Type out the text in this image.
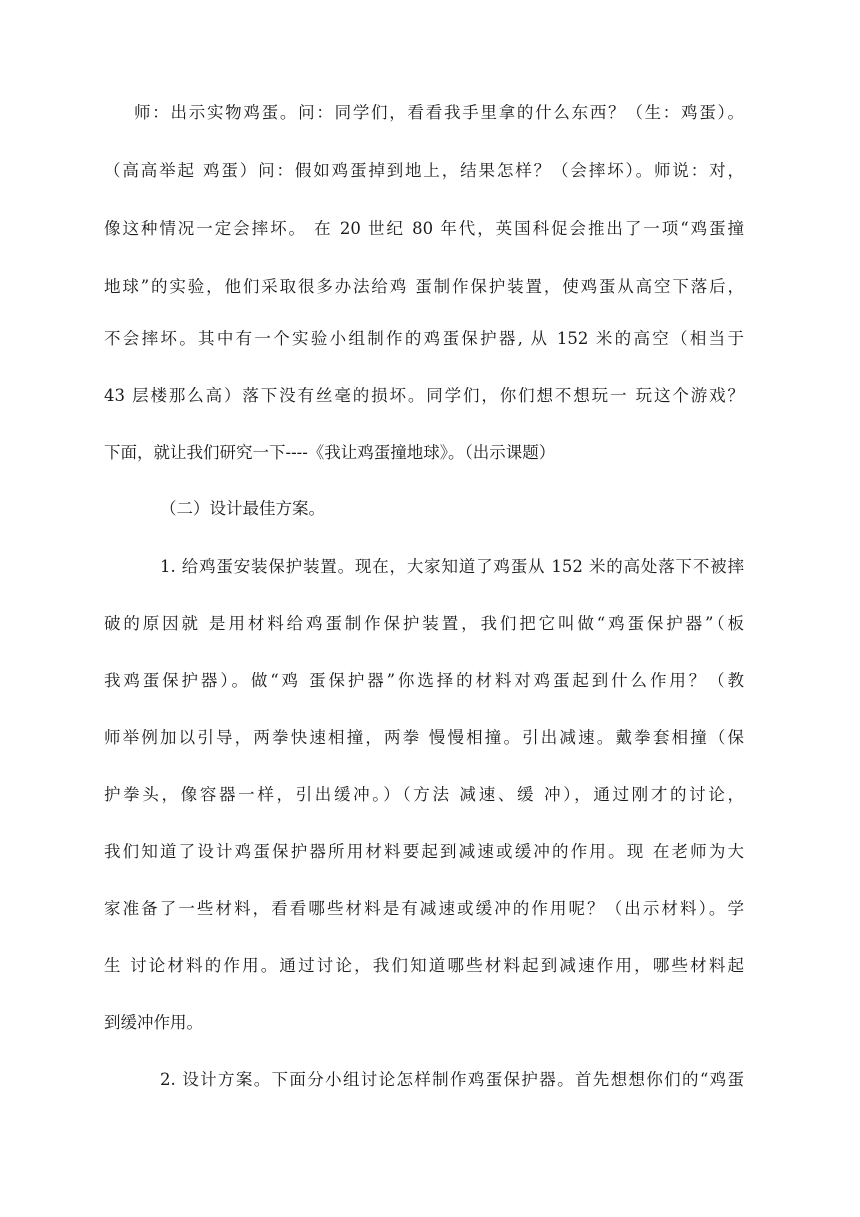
师：出示实物鸡蛋。问：同学们，看看我手里拿的什么东西？（生：鸡蛋）。
（高高举起 鸡蛋）问：假如鸡蛋掉到地上，结果怎样？（会摔坏）。师说：对，
像这种情况一定会摔坏。 在 20 世纪 80 年代，英国科促会推出了一项“鸡蛋撞
地球”的实验，他们采取很多办法给鸡 蛋制作保护装置，使鸡蛋从高空下落后，
不会摔坏。其中有一个实验小组制作的鸡蛋保护器, 从 152 米的高空（相当于
43 层楼那么高）落下没有丝毫的损坏。同学们，你们想不想玩一 玩这个游戏？
下面，就让我们研究一下----《我让鸡蛋撞地球》。（出示课题）
（二）设计最佳方案。
1. 给鸡蛋安装保护装置。现在，大家知道了鸡蛋从 152 米的高处落下不被摔
破的原因就 是用材料给鸡蛋制作保护装置，我们把它叫做“鸡蛋保护器”（板
我鸡蛋保护器）。做“鸡 蛋保护器”你选择的材料对鸡蛋起到什么作用？（教
师举例加以引导，两拳快速相撞，两拳 慢慢相撞。引出减速。戴拳套相撞（保
护拳头，像容器一样，引出缓冲。）（方法 减速、缓 冲），通过刚才的讨论，
我们知道了设计鸡蛋保护器所用材料要起到减速或缓冲的作用。现 在老师为大
家准备了一些材料，看看哪些材料是有减速或缓冲的作用呢？（出示材料）。学
生 讨论材料的作用。通过讨论，我们知道哪些材料起到减速作用，哪些材料起
到缓冲作用。
2. 设计方案。下面分小组讨论怎样制作鸡蛋保护器。首先想想你们的“鸡蛋
